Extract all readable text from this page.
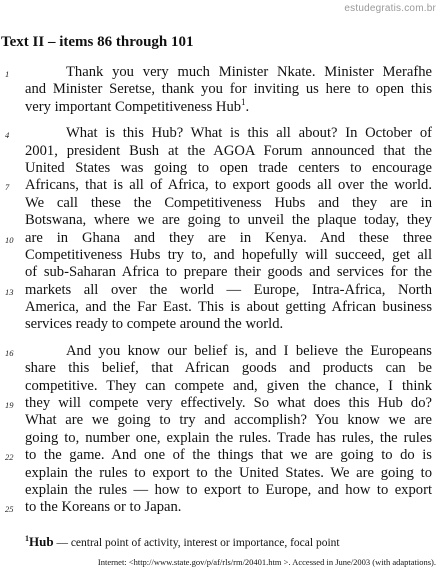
estudegratis.com.br
Text II – items 86 through 101
1	Thank you very much Minister Nkate. Minister Merafhe
and Minister Seretse, thank you for inviting us here to open this
very important Competitiveness Hub$^1$.
4	What is this Hub? What is this all about? In October of
2001, president Bush at the AGOA Forum announced that the
United States was going to open trade centers to encourage
7	Africans, that is all of Africa, to export goods all over the world.
We call these the Competitiveness Hubs and they are in
Botswana, where we are going to unveil the plaque today, they
10 are in Ghana and they are in Kenya. And these three
Competitiveness Hubs try to, and hopefully will succeed, get all
of sub-Saharan Africa to prepare their goods and services for the
13 markets all over the world — Europe, Intra-Africa, North
America, and the Far East. This is about getting African business
services ready to compete around the world.
16	And you know our belief is, and I believe the Europeans
share this belief, that African goods and products can be
competitive. They can compete and, given the chance, I think
19 they will compete very effectively. So what does this Hub do?
What are we going to try and accomplish? You know we are
going to, number one, explain the rules. Trade has rules, the rules
22 to the game. And one of the things that we are going to do is
explain the rules to export to the United States. We are going to
explain the rules — how to export to Europe, and how to export
25 to the Koreans or to Japan.
$^1$Hub — central point of activity, interest or importance, focal point
Internet: <http://www.state.gov/p/af/rls/rm/20401.htm >. Accessed in June/2003 (with adaptations).
